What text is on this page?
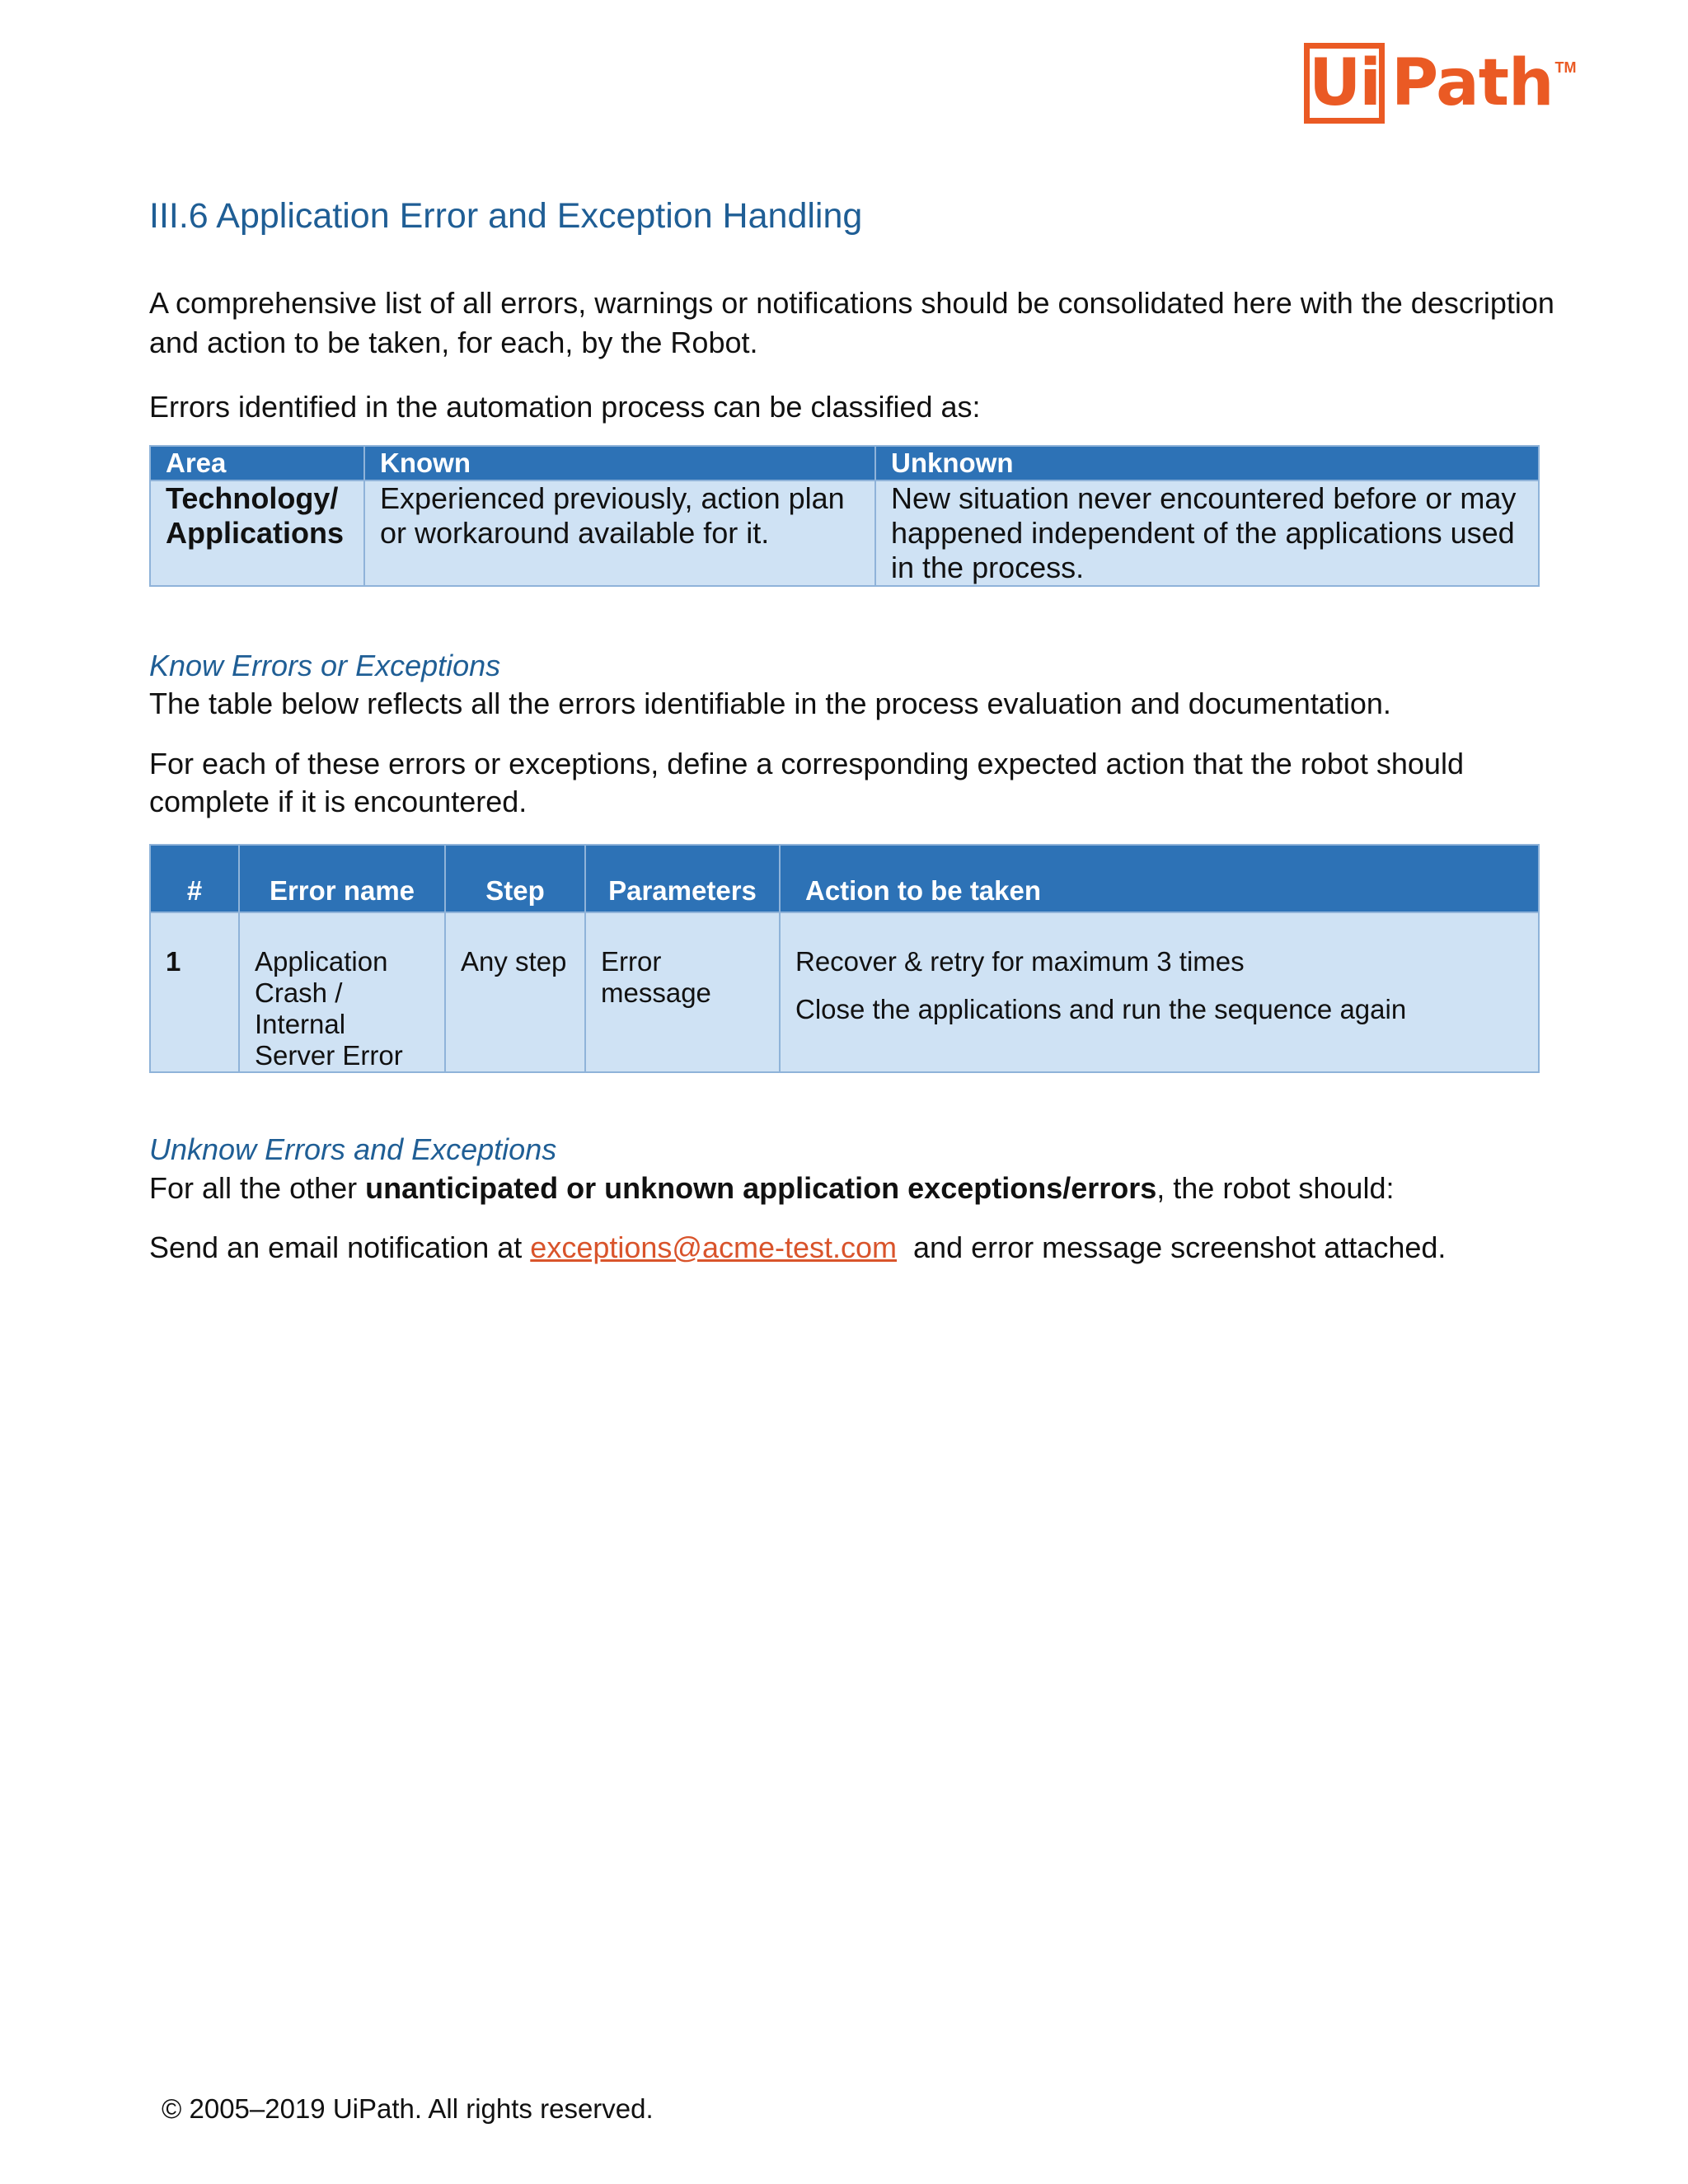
Ui Path TM
III.6 Application Error and Exception Handling

A comprehensive list of all errors, warnings or notifications should be consolidated here with the description and action to be taken, for each, by the Robot.

Errors identified in the automation process can be classified as:

Area	Known	Unknown
Technology/ Applications	Experienced previously, action plan or workaround available for it.	New situation never encountered before or may happened independent of the applications used in the process.

Know Errors or Exceptions

The table below reflects all the errors identifiable in the process evaluation and documentation.

For each of these errors or exceptions, define a corresponding expected action that the robot should complete if it is encountered.

#	Error name	Step	Parameters	Action to be taken
1	Application Crash / Internal Server Error	Any step	Error message	Recover & retry for maximum 3 times
Close the applications and run the sequence again

Unknow Errors and Exceptions

For all the other unanticipated or unknown application exceptions/errors, the robot should:

Send an email notification at exceptions@acme-test.com  and error message screenshot attached.

© 2005–2019 UiPath. All rights reserved.
